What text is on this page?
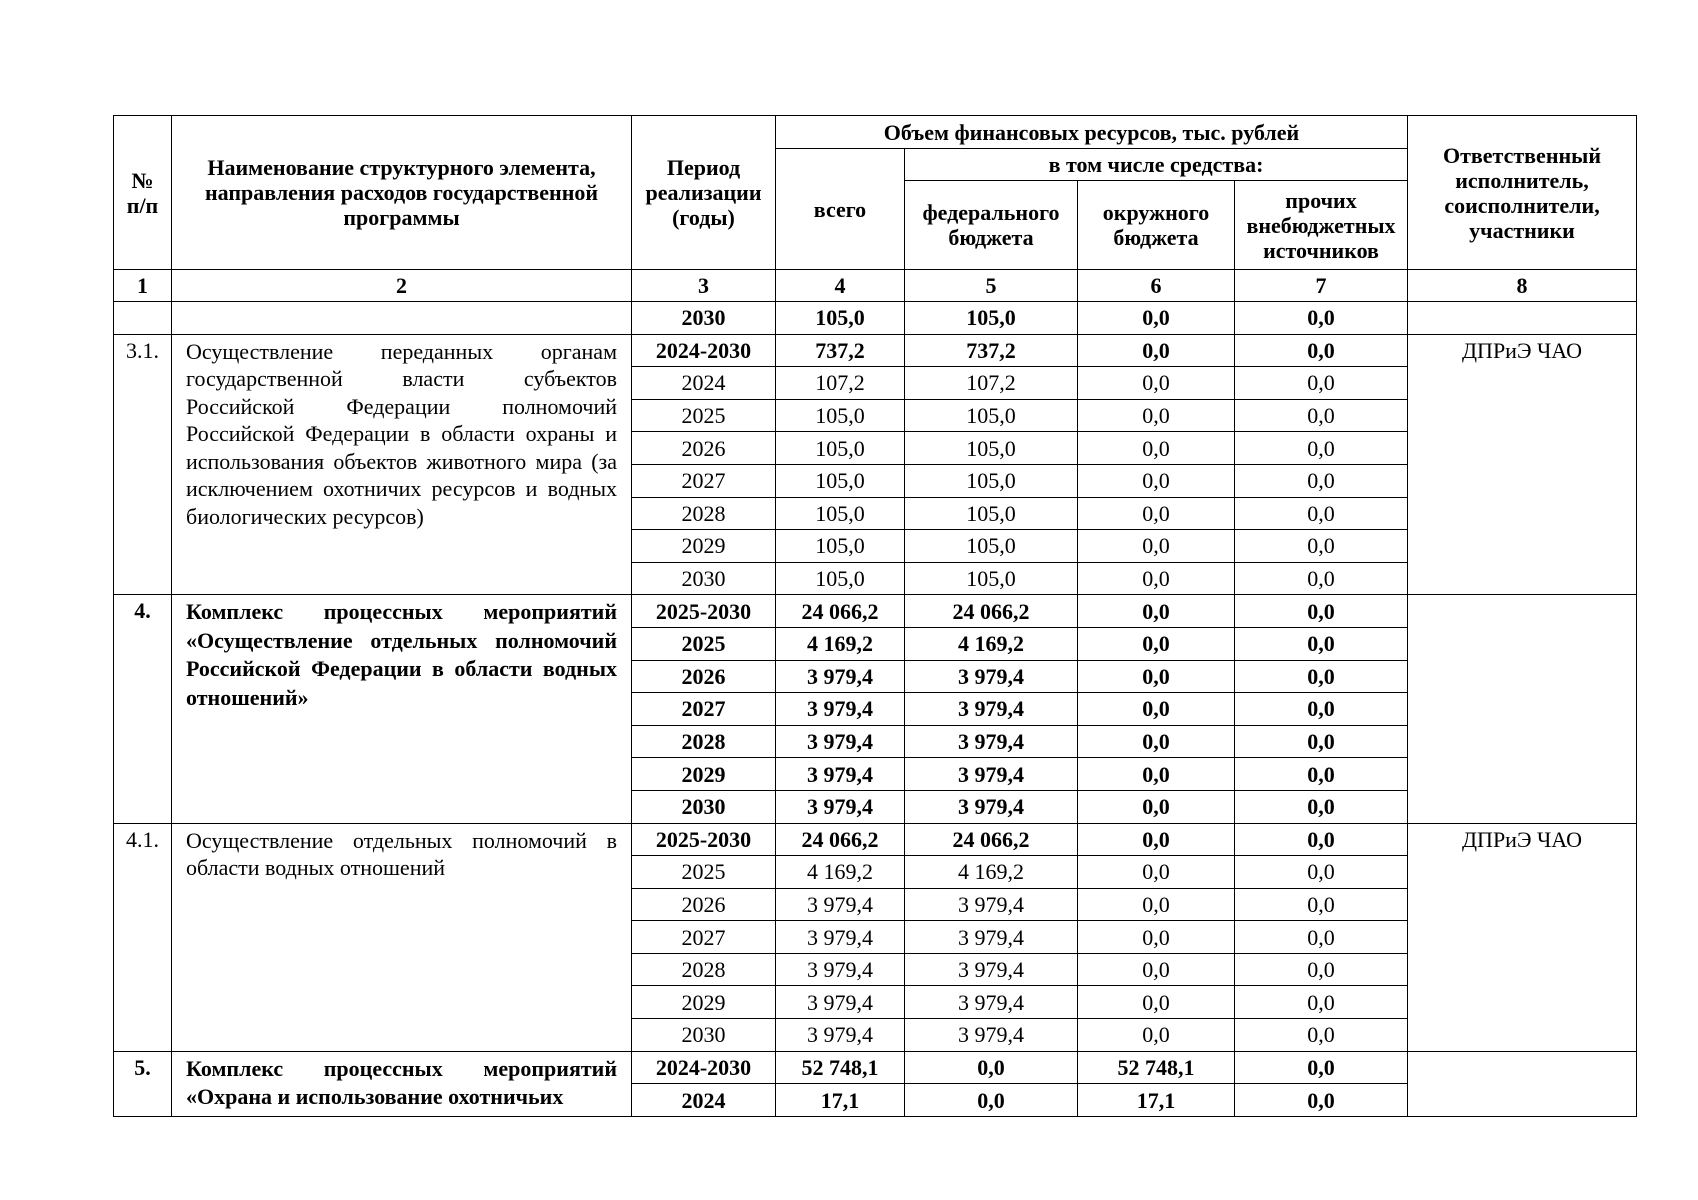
№ п/п	Наименование структурного элемента, направления расходов государственной программы	Период реализации (годы)	Объем финансовых ресурсов, тыс. рублей				Ответственный исполнитель, соисполнители, участники
			всего	в том числе средства:			
				федерального бюджета	окружного бюджета	прочих внебюджетных источников	
1	2	3	4	5	6	7	8
		2030	105,0	105,0	0,0	0,0	
3.1.	Осуществление переданных органам государственной власти субъектов Российской Федерации полномочий Российской Федерации в области охраны и использования объектов животного мира (за исключением охотничих ресурсов и водных биологических ресурсов)	2024-2030	737,2	737,2	0,0	0,0	ДПРиЭ ЧАО
		2024	107,2	107,2	0,0	0,0	
		2025	105,0	105,0	0,0	0,0	
		2026	105,0	105,0	0,0	0,0	
		2027	105,0	105,0	0,0	0,0	
		2028	105,0	105,0	0,0	0,0	
		2029	105,0	105,0	0,0	0,0	
		2030	105,0	105,0	0,0	0,0	
4.	Комплекс процессных мероприятий «Осуществление отдельных полномочий Российской Федерации в области водных отношений»	2025-2030	24 066,2	24 066,2	0,0	0,0	
		2025	4 169,2	4 169,2	0,0	0,0	
		2026	3 979,4	3 979,4	0,0	0,0	
		2027	3 979,4	3 979,4	0,0	0,0	
		2028	3 979,4	3 979,4	0,0	0,0	
		2029	3 979,4	3 979,4	0,0	0,0	
		2030	3 979,4	3 979,4	0,0	0,0	
4.1.	Осуществление отдельных полномочий в области водных отношений	2025-2030	24 066,2	24 066,2	0,0	0,0	ДПРиЭ ЧАО
		2025	4 169,2	4 169,2	0,0	0,0	
		2026	3 979,4	3 979,4	0,0	0,0	
		2027	3 979,4	3 979,4	0,0	0,0	
		2028	3 979,4	3 979,4	0,0	0,0	
		2029	3 979,4	3 979,4	0,0	0,0	
		2030	3 979,4	3 979,4	0,0	0,0	
5.	Комплекс процессных мероприятий «Охрана и использование охотничьих	2024-2030	52 748,1	0,0	52 748,1	0,0	
		2024	17,1	0,0	17,1	0,0	
